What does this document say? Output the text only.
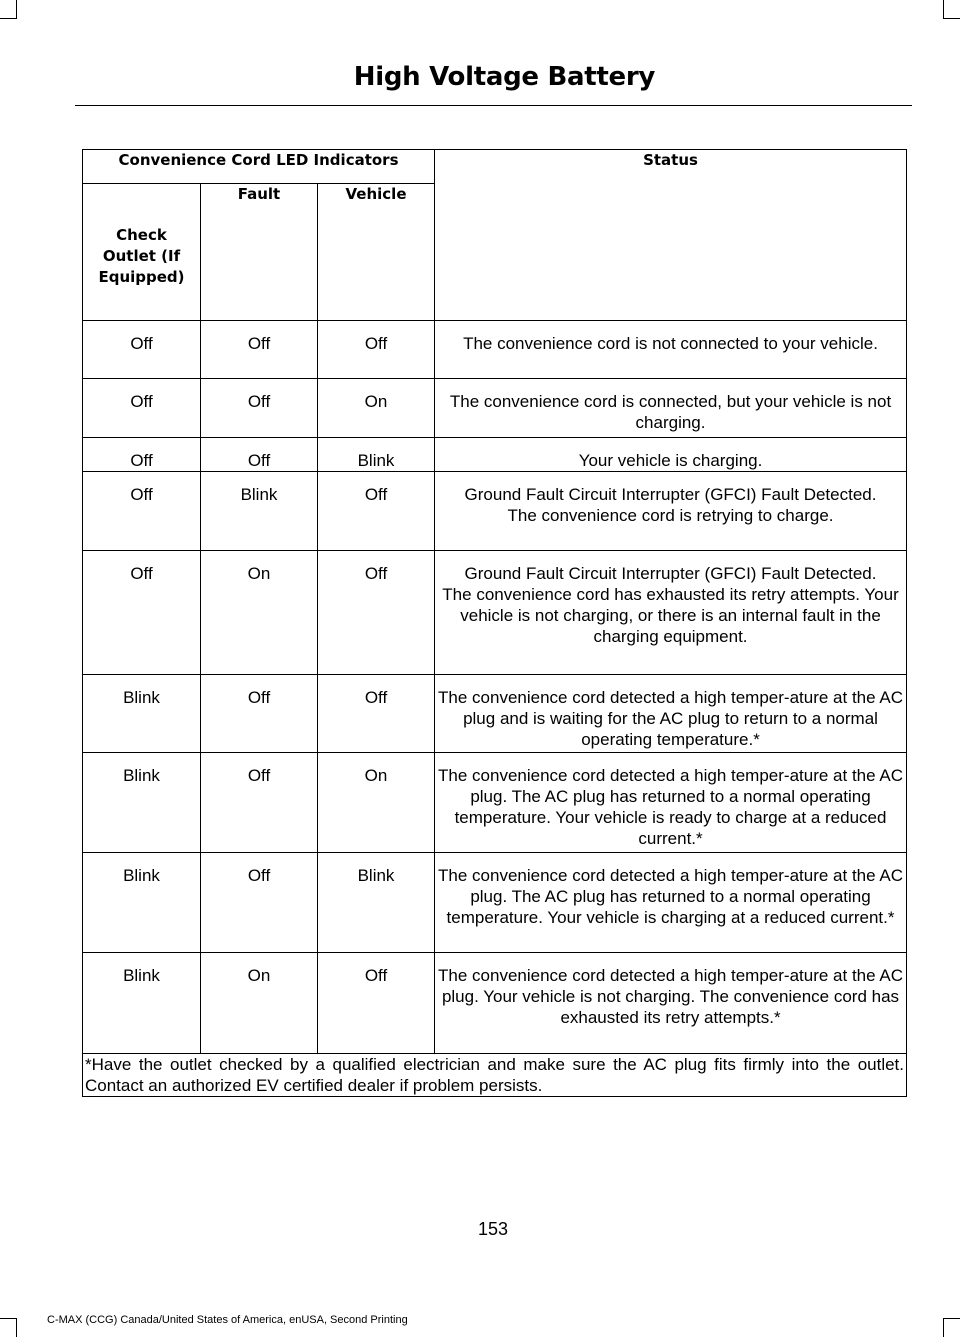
High Voltage Battery
Convenience Cord LED Indicators			Status

Check Outlet (If Equipped)	Fault	Vehicle	
Off	Off	Off	The convenience cord is not connected to your vehicle.

Off	Off	On	The convenience cord is connected, but your vehicle is not charging.

Off	Off	Blink	Your vehicle is charging.

Off	Blink	Off	Ground Fault Circuit Interrupter (GFCI) Fault Detected.
The convenience cord is retrying to charge.

Off	On	Off	Ground Fault Circuit Interrupter (GFCI) Fault Detected.
The convenience cord has exhausted its retry attempts. Your vehicle is not charging, or there is an internal fault in the charging equipment.

Blink	Off	Off	The convenience cord detected a high temper-ature at the AC plug and is waiting for the AC plug to return to a normal operating temperature.*

Blink	Off	On	The convenience cord detected a high temper-ature at the AC plug. The AC plug has returned to a normal operating temperature. Your vehicle is ready to charge at a reduced current.*

Blink	Off	Blink	The convenience cord detected a high temper-ature at the AC plug. The AC plug has returned to a normal operating temperature. Your vehicle is charging at a reduced current.*

Blink	On	Off	The convenience cord detected a high temper-ature at the AC plug. Your vehicle is not charging. The convenience cord has exhausted its retry attempts.*

*Have the outlet checked by a qualified electrician and make sure the AC plug fits firmly into the outlet. Contact an authorized EV certified dealer if problem persists.			
153
C-MAX (CCG) Canada/United States of America, enUSA, Second Printing
